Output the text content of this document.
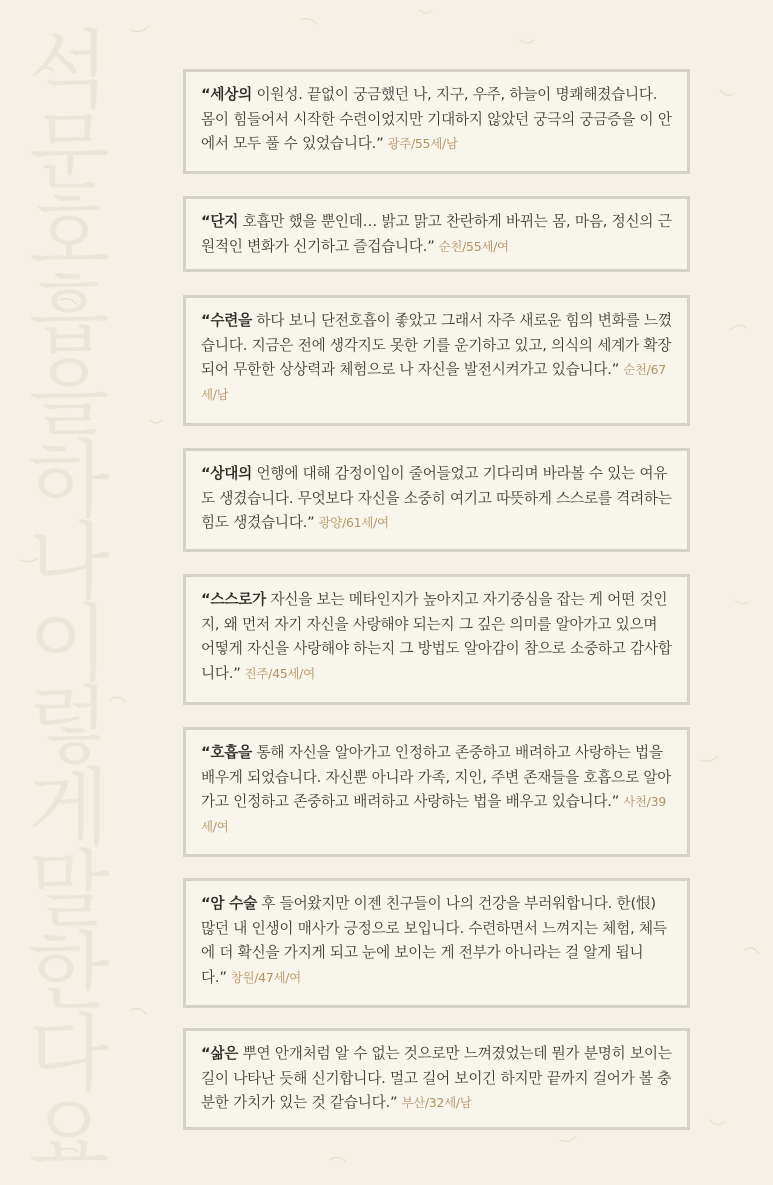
석
문
호
흡
을
하
나
이
렇
게
말
한
다
요

“세상의 이원성. 끝없이 궁금했던 나, 지구, 우주, 하늘이 명쾌해졌습니다. 몸이 힘들어서 시작한 수련이었지만 기대하지 않았던 궁극의 궁금증을 이 안에서 모두 풀 수 있었습니다.” 광주/55세/남

“단지 호흡만 했을 뿐인데… 밝고 맑고 찬란하게 바뀌는 몸, 마음, 정신의 근원적인 변화가 신기하고 즐겁습니다.” 순천/55세/여

“수련을 하다 보니 단전호흡이 좋았고 그래서 자주 새로운 힘의 변화를 느꼈습니다. 지금은 전에 생각지도 못한 기를 운기하고 있고, 의식의 세계가 확장되어 무한한 상상력과 체험으로 나 자신을 발전시켜가고 있습니다.” 순천/67세/남

“상대의 언행에 대해 감정이입이 줄어들었고 기다리며 바라볼 수 있는 여유도 생겼습니다. 무엇보다 자신을 소중히 여기고 따뜻하게 스스로를 격려하는 힘도 생겼습니다.” 광양/61세/여

“스스로가 자신을 보는 메타인지가 높아지고 자기중심을 잡는 게 어떤 것인지, 왜 먼저 자기 자신을 사랑해야 되는지 그 깊은 의미를 알아가고 있으며 어떻게 자신을 사랑해야 하는지 그 방법도 알아감이 참으로 소중하고 감사합니다.” 진주/45세/여

“호흡을 통해 자신을 알아가고 인정하고 존중하고 배려하고 사랑하는 법을 배우게 되었습니다. 자신뿐 아니라 가족, 지인, 주변 존재들을 호흡으로 알아가고 인정하고 존중하고 배려하고 사랑하는 법을 배우고 있습니다.” 사천/39세/여

“암 수술 후 들어왔지만 이젠 친구들이 나의 건강을 부러워합니다. 한(恨) 많던 내 인생이 매사가 긍정으로 보입니다. 수련하면서 느껴지는 체험, 체득에 더 확신을 가지게 되고 눈에 보이는 게 전부가 아니라는 걸 알게 됩니다.” 창원/47세/여

“삶은 뿌연 안개처럼 알 수 없는 것으로만 느껴졌었는데 뭔가 분명히 보이는 길이 나타난 듯해 신기합니다. 멀고 길어 보이긴 하지만 끝까지 걸어가 볼 충분한 가치가 있는 것 같습니다.” 부산/32세/남
